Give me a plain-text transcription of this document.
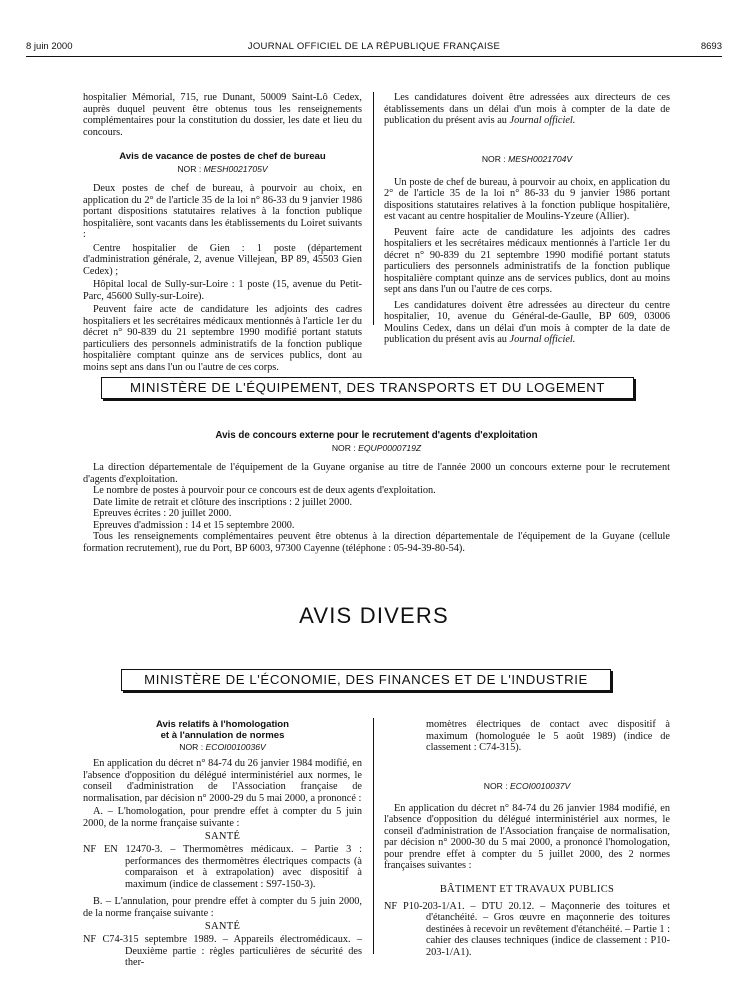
8 juin 2000	JOURNAL OFFICIEL DE LA RÉPUBLIQUE FRANÇAISE	8693

hospitalier Mémorial, 715, rue Dunant, 50009 Saint-Lô Cedex, auprès duquel peuvent être obtenus tous les renseignements complémentaires pour la constitution du dossier, les date et lieu du concours.

Avis de vacance de postes de chef de bureau
NOR : MESH0021705V

Deux postes de chef de bureau, à pourvoir au choix, en application du 2° de l'article 35 de la loi n° 86-33 du 9 janvier 1986 portant dispositions statutaires relatives à la fonction publique hospitalière, sont vacants dans les établissements du Loiret suivants :

Centre hospitalier de Gien : 1 poste (département d'administration générale, 2, avenue Villejean, BP 89, 45503 Gien Cedex) ;

Hôpital local de Sully-sur-Loire : 1 poste (15, avenue du Petit-Parc, 45600 Sully-sur-Loire).

Peuvent faire acte de candidature les adjoints des cadres hospitaliers et les secrétaires médicaux mentionnés à l'article 1er du décret n° 90-839 du 21 septembre 1990 modifié portant statuts particuliers des personnels administratifs de la fonction publique hospitalière comptant quinze ans de services publics, dont au moins sept ans dans l'un ou l'autre de ces corps.

Les candidatures doivent être adressées aux directeurs de ces établissements dans un délai d'un mois à compter de la date de publication du présent avis au Journal officiel.

NOR : MESH0021704V

Un poste de chef de bureau, à pourvoir au choix, en application du 2° de l'article 35 de la loi n° 86-33 du 9 janvier 1986 portant dispositions statutaires relatives à la fonction publique hospitalière, est vacant au centre hospitalier de Moulins-Yzeure (Allier).

Peuvent faire acte de candidature les adjoints des cadres hospitaliers et les secrétaires médicaux mentionnés à l'article 1er du décret n° 90-839 du 21 septembre 1990 modifié portant statuts particuliers des personnels administratifs de la fonction publique hospitalière comptant quinze ans de services publics, dont au moins sept ans dans l'un ou l'autre de ces corps.

Les candidatures doivent être adressées au directeur du centre hospitalier, 10, avenue du Général-de-Gaulle, BP 609, 03006 Moulins Cedex, dans un délai d'un mois à compter de la date de publication du présent avis au Journal officiel.

MINISTÈRE DE L'ÉQUIPEMENT, DES TRANSPORTS ET DU LOGEMENT
Avis de concours externe pour le recrutement d'agents d'exploitation
NOR : EQUP0000719Z

La direction départementale de l'équipement de la Guyane organise au titre de l'année 2000 un concours externe pour le recrutement d'agents d'exploitation.

Le nombre de postes à pourvoir pour ce concours est de deux agents d'exploitation.

Date limite de retrait et clôture des inscriptions : 2 juillet 2000.

Epreuves écrites : 20 juillet 2000.

Epreuves d'admission : 14 et 15 septembre 2000.

Tous les renseignements complémentaires peuvent être obtenus à la direction départementale de l'équipement de la Guyane (cellule formation recrutement), rue du Port, BP 6003, 97300 Cayenne (téléphone : 05-94-39-80-54).

AVIS DIVERS
MINISTÈRE DE L'ÉCONOMIE, DES FINANCES ET DE L'INDUSTRIE
Avis relatifs à l'homologation
et à l'annulation de normes
NOR : ECOI0010036V

En application du décret n° 84-74 du 26 janvier 1984 modifié, en l'absence d'opposition du délégué interministériel aux normes, le conseil d'administration de l'Association française de normalisation, par décision n° 2000-29 du 5 mai 2000, a prononcé :

A. – L'homologation, pour prendre effet à compter du 5 juin 2000, de la norme française suivante :

SANTÉ

NF EN 12470-3. – Thermomètres médicaux. – Partie 3 : performances des thermomètres électriques compacts (à comparaison et à extrapolation) avec dispositif à maximum (indice de classement : S97-150-3).

B. – L'annulation, pour prendre effet à compter du 5 juin 2000, de la norme française suivante :

SANTÉ

NF C74-315 septembre 1989. – Appareils électromédicaux. – Deuxième partie : règles particulières de sécurité des ther-

momètres électriques de contact avec dispositif à maximum (homologuée le 5 août 1989) (indice de classement : C74-315).

NOR : ECOI0010037V

En application du décret n° 84-74 du 26 janvier 1984 modifié, en l'absence d'opposition du délégué interministériel aux normes, le conseil d'administration de l'Association française de normalisation, par décision n° 2000-30 du 5 mai 2000, a prononcé l'homologation, pour prendre effet à compter du 5 juillet 2000, des 2 normes françaises suivantes :

BÂTIMENT ET TRAVAUX PUBLICS

NF P10-203-1/A1. – DTU 20.12. – Maçonnerie des toitures et d'étanchéité. – Gros œuvre en maçonnerie des toitures destinées à recevoir un revêtement d'étanchéité. – Partie 1 : cahier des clauses techniques (indice de classement : P10-203-1/A1).
